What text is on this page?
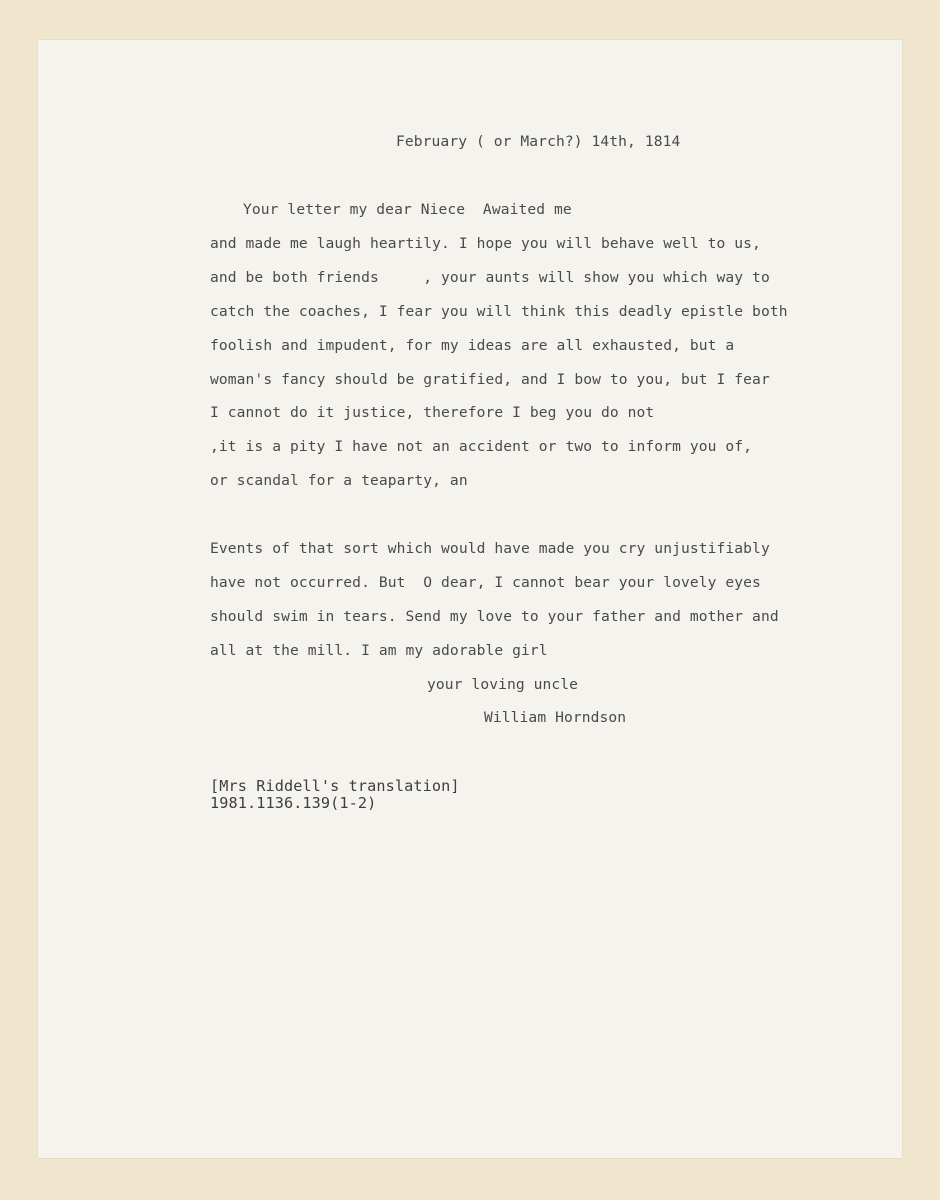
February ( or March?) 14th, 1814
Your letter my dear Niece  Awaited me
and made me laugh heartily. I hope you will behave well to us,
and be both friends     , your aunts will show you which way to
catch the coaches, I fear you will think this deadly epistle both
foolish and impudent, for my ideas are all exhausted, but a
woman's fancy should be gratified, and I bow to you, but I fear
I cannot do it justice, therefore I beg you do not
,it is a pity I have not an accident or two to inform you of,
or scandal for a teaparty, an
Events of that sort which would have made you cry unjustifiably
have not occurred. But  O dear, I cannot bear your lovely eyes
should swim in tears. Send my love to your father and mother and
all at the mill. I am my adorable girl
your loving uncle
William Horndson
[Mrs Riddell's translation]
1981.1136.139(1-2)
